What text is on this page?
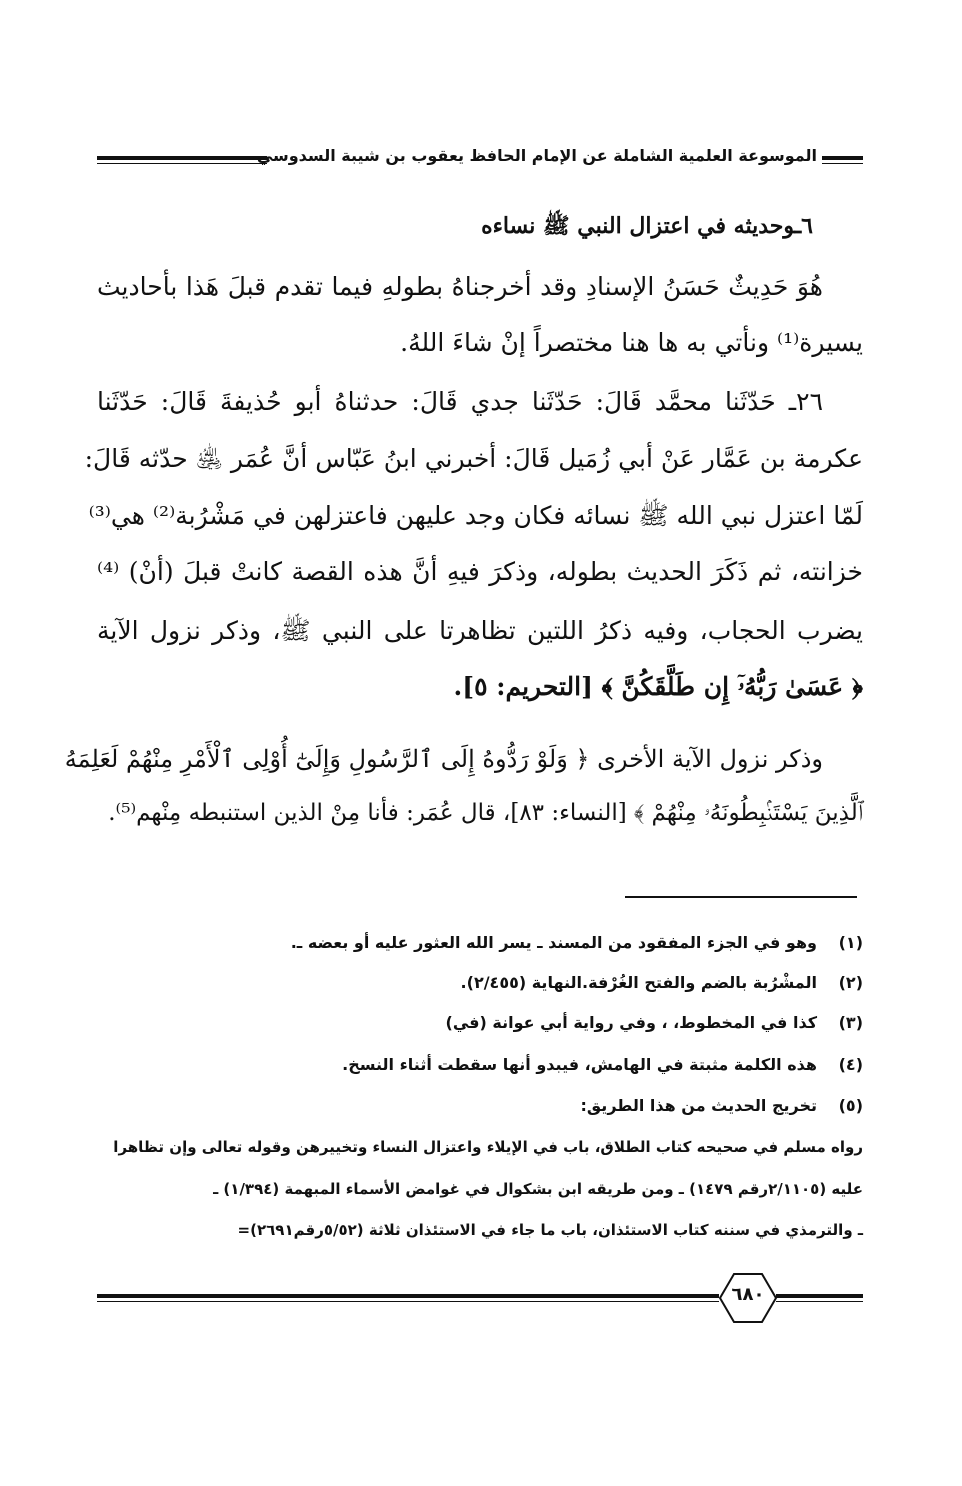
الموسوعة العلمية الشاملة عن الإمام الحافظ يعقوب بن شيبة السدوسي
٦ـوحديثه في اعتزال النبي ﷺ نساءه
هُوَ حَدِيثٌ حَسَنُ الإسنادِ وقد أخرجناهُ بطولهِ فيما تقدم قبلَ هَذا بأحاديث
يسيرة⁽¹⁾ ونأتي به ها هنا مختصراً إنْ شاءَ اللهُ.
٢٦ـ حَدّثَنا محمَّد قَالَ: حَدّثَنا جدي قَالَ: حدثناهُ أبو حُذيفةَ قَالَ: حَدّثَنا
عكرمة بن عَمَّار عَنْ أبي زُمَيل قَالَ: أخبرني ابنُ عَبّاس أنَّ عُمَر ﵁ حدّثه قَالَ:
لَمّا اعتزل نبي الله ﷺ نسائه فكان وجد عليهن فاعتزلهن في مَشْرُبة⁽²⁾ هي⁽³⁾
خزانته، ثم ذَكَرَ الحديث بطوله، وذكرَ فيهِ أنَّ هذه القصة كانتْ قبلَ (أنْ) ⁽⁴⁾
يضرب الحجاب، وفيه ذكرُ اللتين تظاهرتا على النبي ﷺ، وذكر نزول الآية
﴿ عَسَىٰ رَبُّهُۥٓ إِن طَلَّقَكُنَّ ﴾ [التحريم: ٥].
وذكر نزول الآية الأخرى ﴿ وَلَوْ رَدُّوهُ إِلَى ٱلرَّسُولِ وَإِلَىٰٓ أُوْلِى ٱلْأَمْرِ مِنْهُمْ لَعَلِمَهُ
ٱلَّذِينَ يَسْتَنۢبِطُونَهُۥ مِنْهُمْ ﴾ [النساء: ٨٣]، قال عُمَر: فأنا مِنْ الذين استنبطه مِنْهم⁽⁵⁾.
(١)وهو في الجزء المفقود من المسند ـ يسر الله العثور عليه أو بعضه ـ.
(٢)المشْرُبة بالضم والفتح الغُرْفة.النهاية (٢/٤٥٥).
(٣)كذا في المخطوط، ، وفي رواية أبي عوانة (في)
(٤)هذه الكلمة مثبتة في الهامش، فيبدو أنها سقطت أثناء النسخ.
(٥)تخريج الحديث من هذا الطريق:
رواه مسلم في صحيحه كتاب الطلاق، باب في الإيلاء واعتزال النساء وتخييرهن وقوله تعالى وإن تظاهرا
عليه (٢/١١٠٥رقم ١٤٧٩) ـ ومن طريقه ابن بشكوال في غوامض الأسماء المبهمة (١/٣٩٤) ـ
ـ والترمذي في سننه كتاب الاستئذان، باب ما جاء في الاستئذان ثلاثة (٥/٥٢رقم٢٦٩١)=
٦٨٠
